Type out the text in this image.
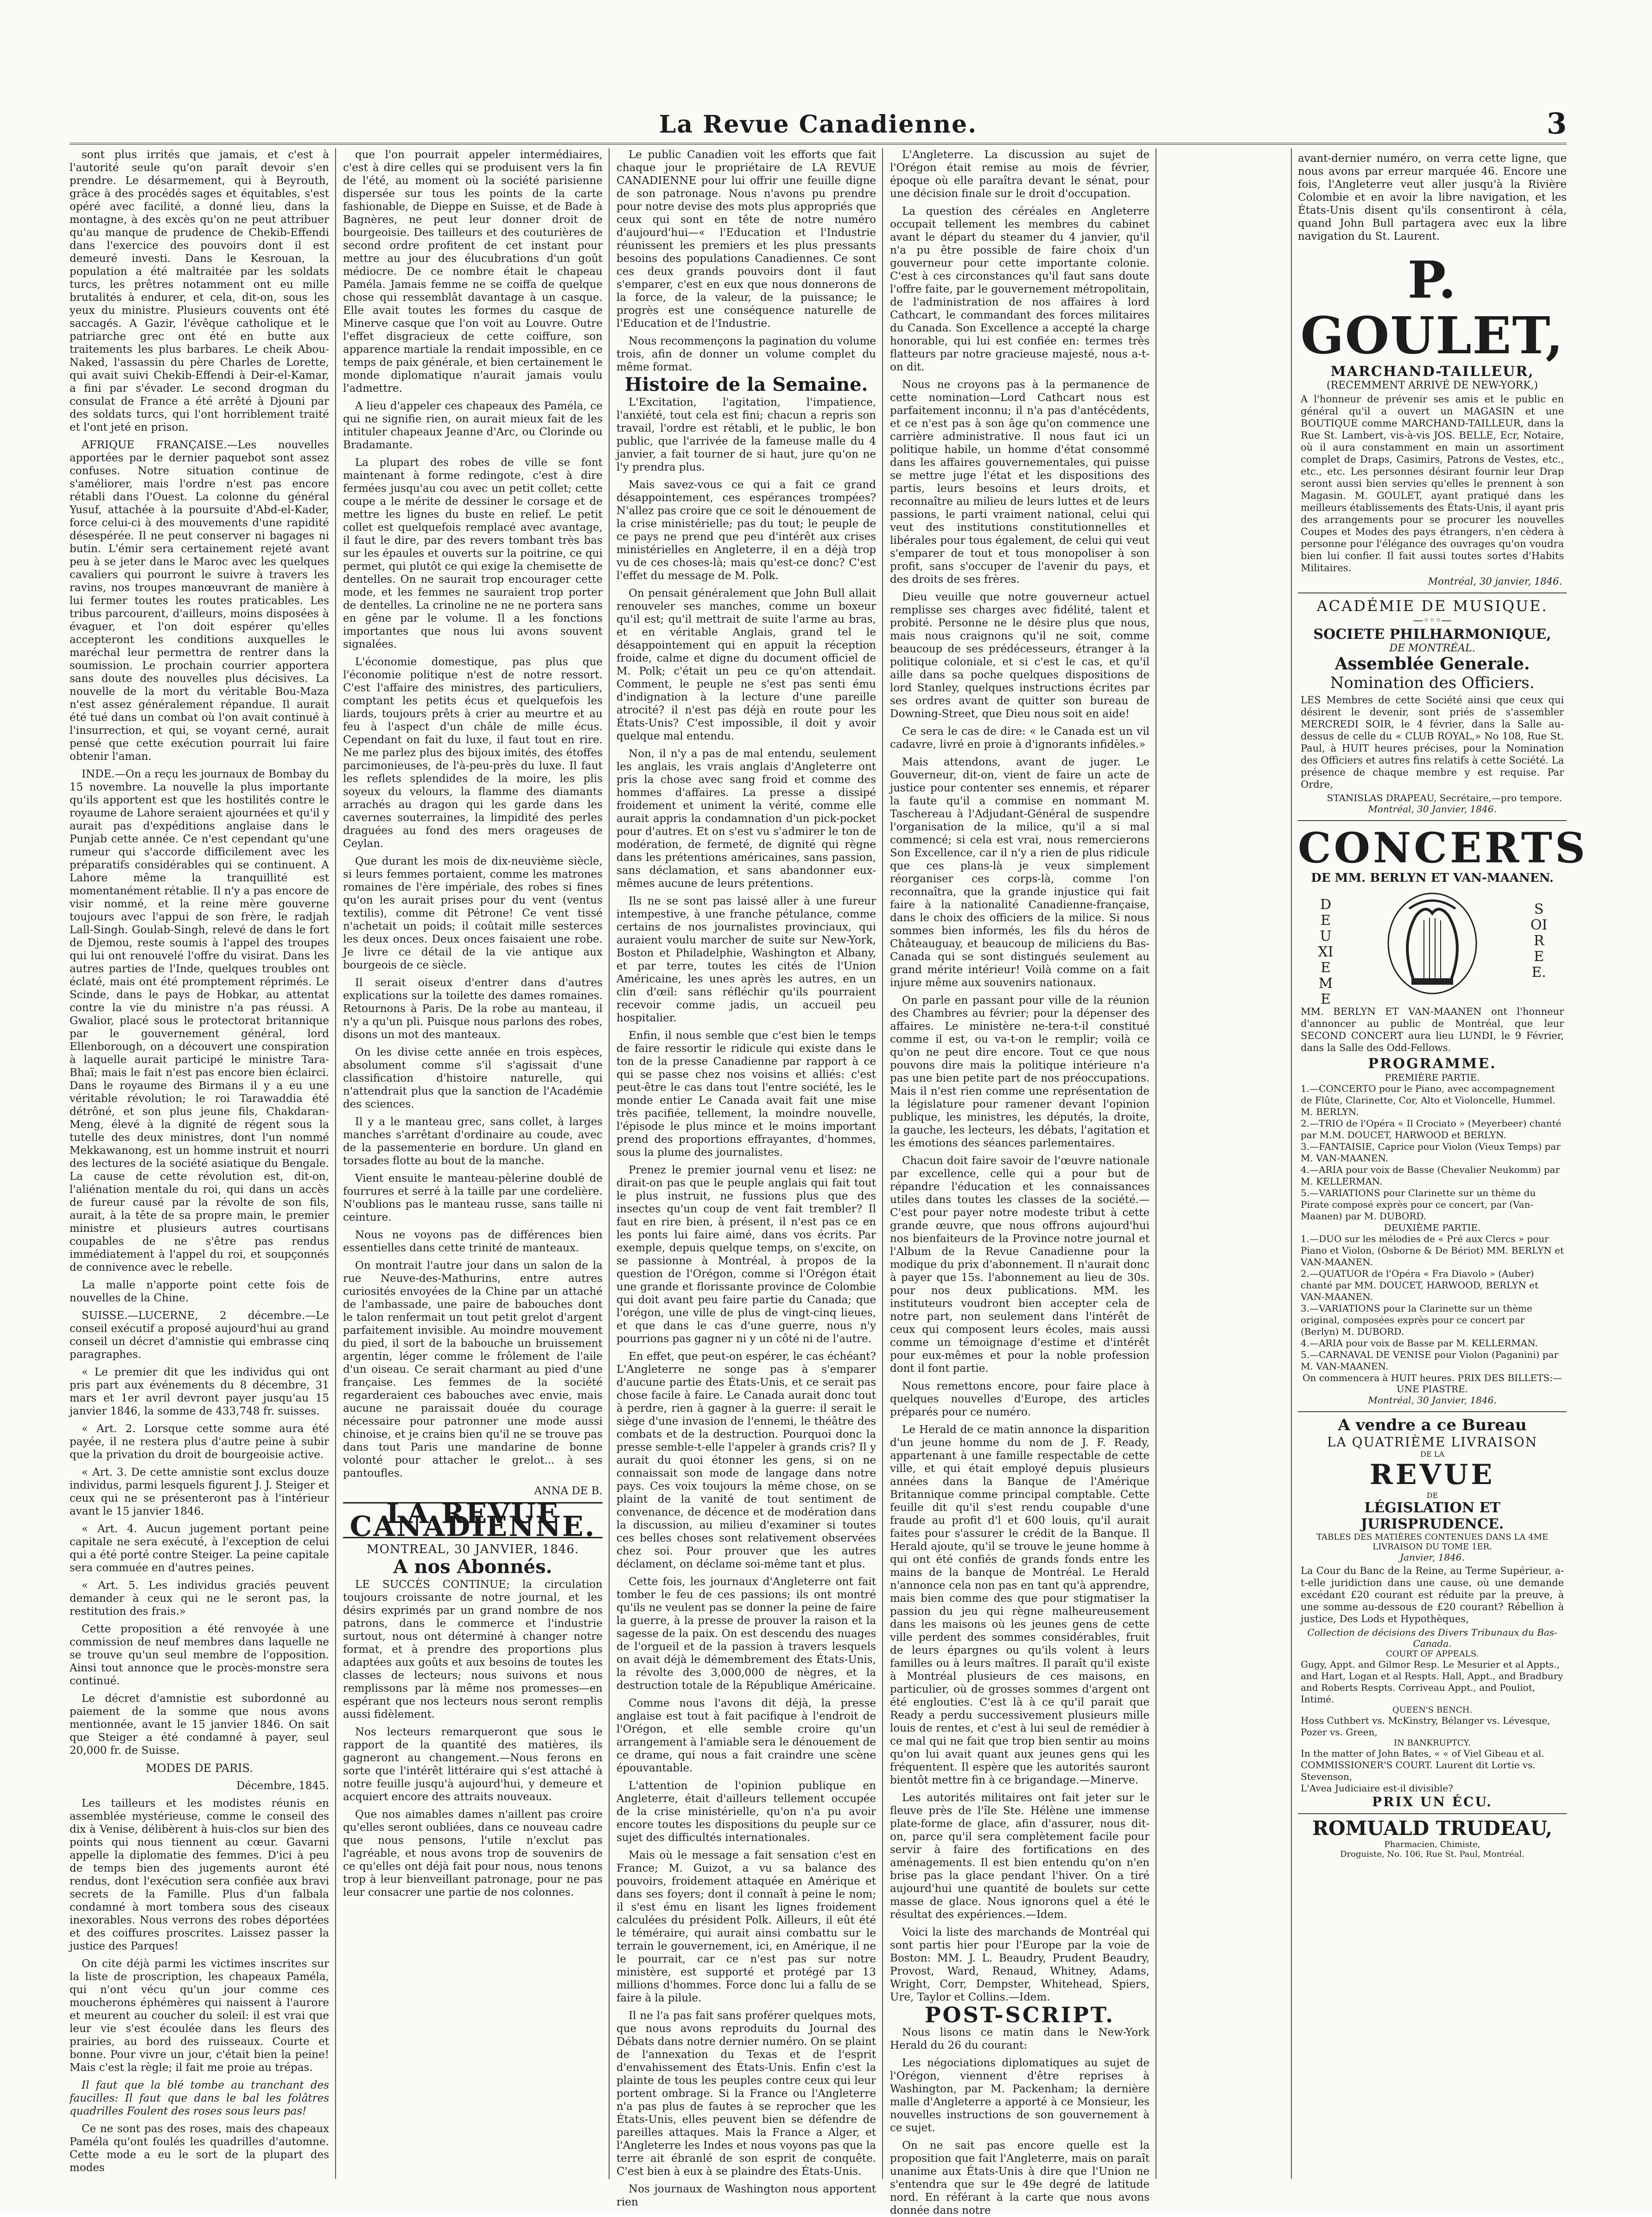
La Revue Canadienne.	3

sont plus irrités que jamais, et c'est à l'autorité seule qu'on paraît devoir s'en prendre. Le désarmement, qui à Beyrouth, grâce à des procédés sages et équitables, s'est opéré avec facilité, a donné lieu, dans la montagne, à des excès qu'on ne peut attribuer qu'au manque de prudence de Chekib-Effendi dans l'exercice des pouvoirs dont il est demeuré investi. Dans le Kesrouan, la population a été maltraitée par les soldats turcs, les prêtres notamment ont eu mille brutalités à endurer, et cela, dit-on, sous les yeux du ministre. Plusieurs couvents ont été saccagés. A Gazir, l'évêque catholique et le patriarche grec ont été en butte aux traitements les plus barbares. Le cheik Abou-Naked, l'assassin du père Charles de Lorette, qui avait suivi Chekib-Effendi à Deir-el-Kamar, a fini par s'évader. Le second drogman du consulat de France a été arrêté à Djouni par des soldats turcs, qui l'ont horriblement traité et l'ont jeté en prison.

AFRIQUE FRANÇAISE.—Les nouvelles apportées par le dernier paquebot sont assez confuses. Notre situation continue de s'améliorer, mais l'ordre n'est pas encore rétabli dans l'Ouest. La colonne du général Yusuf, attachée à la poursuite d'Abd-el-Kader, force celui-ci à des mouvements d'une rapidité désespérée. Il ne peut conserver ni bagages ni butin. L'émir sera certainement rejeté avant peu à se jeter dans le Maroc avec les quelques cavaliers qui pourront le suivre à travers les ravins, nos troupes manœuvrant de manière à lui fermer toutes les routes praticables. Les tribus parcourent, d'ailleurs, moins disposées à évaguer, et l'on doit espérer qu'elles accepteront les conditions auxquelles le maréchal leur permettra de rentrer dans la soumission. Le prochain courrier apportera sans doute des nouvelles plus décisives. La nouvelle de la mort du véritable Bou-Maza n'est assez généralement répandue. Il aurait été tué dans un combat où l'on avait continué à l'insurrection, et qui, se voyant cerné, aurait pensé que cette exécution pourrait lui faire obtenir l'aman.

INDE.—On a reçu les journaux de Bombay du 15 novembre. La nouvelle la plus importante qu'ils apportent est que les hostilités contre le royaume de Lahore seraient ajournées et qu'il y aurait pas d'expéditions anglaise dans le Punjab cette année. Ce n'est cependant qu'une rumeur qui s'accorde difficilement avec les préparatifs considérables qui se continuent. A Lahore même la tranquillité est momentanément rétablie. Il n'y a pas encore de visir nommé, et la reine mère gouverne toujours avec l'appui de son frère, le radjah Lall-Singh. Goulab-Singh, relevé de dans le fort de Djemou, reste soumis à l'appel des troupes qui lui ont renouvelé l'offre du visirat. Dans les autres parties de l'Inde, quelques troubles ont éclaté, mais ont été promptement réprimés. Le Scinde, dans le pays de Hobkar, au attentat contre la vie du ministre n'a pas réussi. A Gwalior, placé sous le protectorat britannique par le gouvernement général, lord Ellenborough, on a découvert une conspiration à laquelle aurait participé le ministre Tara-Bhaï; mais le fait n'est pas encore bien éclairci. Dans le royaume des Birmans il y a eu une véritable révolution; le roi Tarawaddia été détrôné, et son plus jeune fils, Chakdaran-Meng, élevé à la dignité de régent sous la tutelle des deux ministres, dont l'un nommé Mekkawanong, est un homme instruit et nourri des lectures de la société asiatique du Bengale. La cause de cette révolution est, dit-on, l'aliénation mentale du roi, qui dans un accès de fureur causé par la révolte de son fils, aurait, à la tête de sa propre main, le premier ministre et plusieurs autres courtisans coupables de ne s'être pas rendus immédiatement à l'appel du roi, et soupçonnés de connivence avec le rebelle.

La malle n'apporte point cette fois de nouvelles de la Chine.

SUISSE.—LUCERNE, 2 décembre.—Le conseil exécutif a proposé aujourd'hui au grand conseil un décret d'amnistie qui embrasse cinq paragraphes.

« Le premier dit que les individus qui ont pris part aux événements du 8 décembre, 31 mars et 1er avril devront payer jusqu'au 15 janvier 1846, la somme de 433,748 fr. suisses.

« Art. 2. Lorsque cette somme aura été payée, il ne restera plus d'autre peine à subir que la privation du droit de bourgeoisie active.

« Art. 3. De cette amnistie sont exclus douze individus, parmi lesquels figurent J. J. Steiger et ceux qui ne se présenteront pas à l'intérieur avant le 15 janvier 1846.

« Art. 4. Aucun jugement portant peine capitale ne sera exécuté, à l'exception de celui qui a été porté contre Steiger. La peine capitale sera commuée en d'autres peines.

« Art. 5. Les individus graciés peuvent demander à ceux qui ne le seront pas, la restitution des frais.»

Cette proposition a été renvoyée à une commission de neuf membres dans laquelle ne se trouve qu'un seul membre de l'opposition. Ainsi tout annonce que le procès-monstre sera continué.

Le décret d'amnistie est subordonné au paiement de la somme que nous avons mentionnée, avant le 15 janvier 1846. On sait que Steiger a été condamné à payer, seul 20,000 fr. de Suisse.

MODES DE PARIS.

Décembre, 1845.

Les tailleurs et les modistes réunis en assemblée mystérieuse, comme le conseil des dix à Venise, délibèrent à huis-clos sur bien des points qui nous tiennent au cœur. Gavarni appelle la diplomatie des femmes. D'ici à peu de temps bien des jugements auront été rendus, dont l'exécution sera confiée aux bravi secrets de la Famille. Plus d'un falbala condamné à mort tombera sous des ciseaux inexorables. Nous verrons des robes déportées et des coiffures proscrites. Laissez passer la justice des Parques!

On cite déjà parmi les victimes inscrites sur la liste de proscription, les chapeaux Paméla, qui n'ont vécu qu'un jour comme ces moucherons éphémères qui naissent à l'aurore et meurent au coucher du soleil: il est vrai que leur vie s'est écoulée dans les fleurs des prairies, au bord des ruisseaux. Courte et bonne. Pour vivre un jour, c'était bien la peine! Mais c'est la règle; il fait me proie au trépas.

Il faut que la blé tombe au tranchant des faucilles: Il faut que dans le bal les folâtres quadrilles Foulent des roses sous leurs pas!

Ce ne sont pas des roses, mais des chapeaux Paméla qu'ont foulés les quadrilles d'automne. Cette mode a eu le sort de la plupart des modes

que l'on pourrait appeler intermédiaires, c'est à dire celles qui se produisent vers la fin de l'été, au moment où la société parisienne dispersée sur tous les points de la carte fashionable, de Dieppe en Suisse, et de Bade à Bagnères, ne peut leur donner droit de bourgeoisie. Des tailleurs et des couturières de second ordre profitent de cet instant pour mettre au jour des élucubrations d'un goût médiocre. De ce nombre était le chapeau Paméla. Jamais femme ne se coiffa de quelque chose qui ressemblât davantage à un casque. Elle avait toutes les formes du casque de Minerve casque que l'on voit au Louvre. Outre l'effet disgracieux de cette coiffure, son apparence martiale la rendait impossible, en ce temps de paix générale, et bien certainement le monde diplomatique n'aurait jamais voulu l'admettre.

A lieu d'appeler ces chapeaux des Paméla, ce qui ne signifie rien, on aurait mieux fait de les intituler chapeaux Jeanne d'Arc, ou Clorinde ou Bradamante.

La plupart des robes de ville se font maintenant à forme redingote, c'est à dire fermées jusqu'au cou avec un petit collet; cette coupe a le mérite de dessiner le corsage et de mettre les lignes du buste en relief. Le petit collet est quelquefois remplacé avec avantage, il faut le dire, par des revers tombant très bas sur les épaules et ouverts sur la poitrine, ce qui permet, qui plutôt ce qui exige la chemisette de dentelles. On ne saurait trop encourager cette mode, et les femmes ne sauraient trop porter de dentelles. La crinoline ne ne ne portera sans en gêne par le volume. Il a les fonctions importantes que nous lui avons souvent signalées.

L'économie domestique, pas plus que l'économie politique n'est de notre ressort. C'est l'affaire des ministres, des particuliers, comptant les petits écus et quelquefois les liards, toujours prêts à crier au meurtre et au feu à l'aspect d'un châle de mille écus. Cependant on fait du luxe, il faut tout en rire. Ne me parlez plus des bijoux imités, des étoffes parcimonieuses, de l'à-peu-près du luxe. Il faut les reflets splendides de la moire, les plis soyeux du velours, la flamme des diamants arrachés au dragon qui les garde dans les cavernes souterraines, la limpidité des perles draguées au fond des mers orageuses de Ceylan.

Que durant les mois de dix-neuvième siècle, si leurs femmes portaient, comme les matrones romaines de l'ère impériale, des robes si fines qu'on les aurait prises pour du vent (ventus textilis), comme dit Pétrone! Ce vent tissé n'achetait un poids; il coûtait mille sesterces les deux onces. Deux onces faisaient une robe. Je livre ce détail de la vie antique aux bourgeois de ce siècle.

Il serait oiseux d'entrer dans d'autres explications sur la toilette des dames romaines. Retournons à Paris. De la robe au manteau, il n'y a qu'un pli. Puisque nous parlons des robes, disons un mot des manteaux.

On les divise cette année en trois espèces, absolument comme s'il s'agissait d'une classification d'histoire naturelle, qui n'attendrait plus que la sanction de l'Académie des sciences.

Il y a le manteau grec, sans collet, à larges manches s'arrêtant d'ordinaire au coude, avec de la passementerie en bordure. Un gland en torsades flotte au bout de la manche.

Vient ensuite le manteau-pèlerine doublé de fourrures et serré à la taille par une cordelière. N'oublions pas le manteau russe, sans taille ni ceinture.

Nous ne voyons pas de différences bien essentielles dans cette trinité de manteaux.

On montrait l'autre jour dans un salon de la rue Neuve-des-Mathurins, entre autres curiosités envoyées de la Chine par un attaché de l'ambassade, une paire de babouches dont le talon renfermait un tout petit grelot d'argent parfaitement invisible. Au moindre mouvement du pied, il sort de la babouche un bruissement argentin, léger comme le frôlement de l'aile d'un oiseau. Ce serait charmant au pied d'une française. Les femmes de la société regarderaient ces babouches avec envie, mais aucune ne paraissait douée du courage nécessaire pour patronner une mode aussi chinoise, et je crains bien qu'il ne se trouve pas dans tout Paris une mandarine de bonne volonté pour attacher le grelot... à ses pantoufles.

ANNA DE B.

LA REVUE CANADIENNE.

MONTREAL, 30 JANVIER, 1846.

A nos Abonnés.

LE SUCCÈS CONTINUE; la circulation toujours croissante de notre journal, et les désirs exprimés par un grand nombre de nos patrons, dans le commerce et l'industrie surtout, nous ont déterminé à changer notre format, et à prendre des proportions plus adaptées aux goûts et aux besoins de toutes les classes de lecteurs; nous suivons et nous remplissons par là même nos promesses—en espérant que nos lecteurs nous seront remplis aussi fidèlement.

Nos lecteurs remarqueront que sous le rapport de la quantité des matières, ils gagneront au changement.—Nous ferons en sorte que l'intérêt littéraire qui s'est attaché à notre feuille jusqu'à aujourd'hui, y demeure et acquiert encore des attraits nouveaux.

Que nos aimables dames n'aillent pas croire qu'elles seront oubliées, dans ce nouveau cadre que nous pensons, l'utile n'exclut pas l'agréable, et nous avons trop de souvenirs de ce qu'elles ont déjà fait pour nous, nous tenons trop à leur bienveillant patronage, pour ne pas leur consacrer une partie de nos colonnes.

Le public Canadien voit les efforts que fait chaque jour le propriétaire de LA REVUE CANADIENNE pour lui offrir une feuille digne de son patronage. Nous n'avons pu prendre pour notre devise des mots plus appropriés que ceux qui sont en tête de notre numéro d'aujourd'hui—« l'Education et l'Industrie réunissent les premiers et les plus pressants besoins des populations Canadiennes. Ce sont ces deux grands pouvoirs dont il faut s'emparer, c'est en eux que nous donnerons de la force, de la valeur, de la puissance; le progrès est une conséquence naturelle de l'Education et de l'Industrie.

Nous recommençons la pagination du volume trois, afin de donner un volume complet du même format.

Histoire de la Semaine.

L'Excitation, l'agitation, l'impatience, l'anxiété, tout cela est fini; chacun a repris son travail, l'ordre est rétabli, et le public, le bon public, que l'arrivée de la fameuse malle du 4 janvier, a fait tourner de si haut, jure qu'on ne l'y prendra plus.

Mais savez-vous ce qui a fait ce grand désappointement, ces espérances trompées? N'allez pas croire que ce soit le dénouement de la crise ministérielle; pas du tout; le peuple de ce pays ne prend que peu d'intérêt aux crises ministérielles en Angleterre, il en a déjà trop vu de ces choses-là; mais qu'est-ce donc? C'est l'effet du message de M. Polk.

On pensait généralement que John Bull allait renouveler ses manches, comme un boxeur qu'il est; qu'il mettrait de suite l'arme au bras, et en véritable Anglais, grand tel le désappointement qui en appuit la réception froide, calme et digne du document officiel de M. Polk; c'était un peu ce qu'on attendait. Comment, le peuple ne s'est pas senti ému d'indignation à la lecture d'une pareille atrocité? il n'est pas déjà en route pour les États-Unis? C'est impossible, il doit y avoir quelque mal entendu.

Non, il n'y a pas de mal entendu, seulement les anglais, les vrais anglais d'Angleterre ont pris la chose avec sang froid et comme des hommes d'affaires. La presse a dissipé froidement et uniment la vérité, comme elle aurait appris la condamnation d'un pick-pocket pour d'autres. Et on s'est vu s'admirer le ton de modération, de fermeté, de dignité qui règne dans les prétentions américaines, sans passion, sans déclamation, et sans abandonner eux-mêmes aucune de leurs prétentions.

Ils ne se sont pas laissé aller à une fureur intempestive, à une franche pétulance, comme certains de nos journalistes provinciaux, qui auraient voulu marcher de suite sur New-York, Boston et Philadelphie, Washington et Albany, et par terre, toutes les cités de l'Union Américaine, les unes après les autres, en un clin d'œil: sans réfléchir qu'ils pourraient recevoir comme jadis, un accueil peu hospitalier.

Enfin, il nous semble que c'est bien le temps de faire ressortir le ridicule qui existe dans le ton de la presse Canadienne par rapport à ce qui se passe chez nos voisins et alliés: c'est peut-être le cas dans tout l'entre société, les le monde entier Le Canada avait fait une mise très pacifiée, tellement, la moindre nouvelle, l'épisode le plus mince et le moins important prend des proportions effrayantes, d'hommes, sous la plume des journalistes.

Prenez le premier journal venu et lisez: ne dirait-on pas que le peuple anglais qui fait tout le plus instruit, ne fussions plus que des insectes qu'un coup de vent fait trembler? Il faut en rire bien, à présent, il n'est pas ce en les ponts lui faire aimé, dans vos écrits. Par exemple, depuis quelque temps, on s'excite, on se passionne à Montréal, à propos de la question de l'Orégon, comme si l'Orégon était une grande et florissante province de Colombie qui doit avant peu faire partie du Canada; que l'orégon, une ville de plus de vingt-cinq lieues, et que dans le cas d'une guerre, nous n'y pourrions pas gagner ni y un côté ni de l'autre.

En effet, que peut-on espérer, le cas échéant? L'Angleterre ne songe pas à s'emparer d'aucune partie des États-Unis, et ce serait pas chose facile à faire. Le Canada aurait donc tout à perdre, rien à gagner à la guerre: il serait le siège d'une invasion de l'ennemi, le théâtre des combats et de la destruction. Pourquoi donc la presse semble-t-elle l'appeler à grands cris? Il y aurait du quoi étonner les gens, si on ne connaissait son mode de langage dans notre pays. Ces voix toujours la même chose, on se plaint de la vanité de tout sentiment de convenance, de décence et de modération dans la discussion, au milieu d'examiner si toutes ces belles choses sont relativement observées chez soi. Pour prouver que les autres déclament, on déclame soi-même tant et plus.

Cette fois, les journaux d'Angleterre ont fait tomber le feu de ces passions; ils ont montré qu'ils ne veulent pas se donner la peine de faire la guerre, à la presse de prouver la raison et la sagesse de la paix. On est descendu des nuages de l'orgueil et de la passion à travers lesquels on avait déjà le démembrement des États-Unis, la révolte des 3,000,000 de nègres, et la destruction totale de la République Américaine.

Comme nous l'avons dit déjà, la presse anglaise est tout à fait pacifique à l'endroit de l'Orégon, et elle semble croire qu'un arrangement à l'amiable sera le dénouement de ce drame, qui nous a fait craindre une scène épouvantable.

L'attention de l'opinion publique en Angleterre, était d'ailleurs tellement occupée de la crise ministérielle, qu'on n'a pu avoir encore toutes les dispositions du peuple sur ce sujet des difficultés internationales.

Mais où le message a fait sensation c'est en France; M. Guizot, a vu sa balance des pouvoirs, froidement attaquée en Amérique et dans ses foyers; dont il connaît à peine le nom; il s'est ému en lisant les lignes froidement calculées du président Polk. Ailleurs, il eût été le téméraire, qui aurait ainsi combattu sur le terrain le gouvernement, ici, en Amérique, il ne le pourrait, car ce n'est pas sur notre ministère, est supporté et protégé par 13 millions d'hommes. Force donc lui a fallu de se faire à la pilule.

Il ne l'a pas fait sans proférer quelques mots, que nous avons reproduits du Journal des Débats dans notre dernier numéro. On se plaint de l'annexation du Texas et de l'esprit d'envahissement des États-Unis. Enfin c'est la plainte de tous les peuples contre ceux qui leur portent ombrage. Si la France ou l'Angleterre n'a pas plus de fautes à se reprocher que les États-Unis, elles peuvent bien se défendre de pareilles attaques. Mais la France a Alger, et l'Angleterre les Indes et nous voyons pas que la terre ait ébranlé de son esprit de conquête. C'est bien à eux à se plaindre des États-Unis.

Nos journaux de Washington nous apportent rien

L'Angleterre. La discussion au sujet de l'Orégon était remise au mois de février, époque où elle paraîtra devant le sénat, pour une décision finale sur le droit d'occupation.

La question des céréales en Angleterre occupait tellement les membres du cabinet avant le départ du steamer du 4 janvier, qu'il n'a pu être possible de faire choix d'un gouverneur pour cette importante colonie. C'est à ces circonstances qu'il faut sans doute l'offre faite, par le gouvernement métropolitain, de l'administration de nos affaires à lord Cathcart, le commandant des forces militaires du Canada. Son Excellence a accepté la charge honorable, qui lui est confiée en: termes très flatteurs par notre gracieuse majesté, nous a-t-on dit.

Nous ne croyons pas à la permanence de cette nomination—Lord Cathcart nous est parfaitement inconnu; il n'a pas d'antécédents, et ce n'est pas à son âge qu'on commence une carrière administrative. Il nous faut ici un politique habile, un homme d'état consommé dans les affaires gouvernementales, qui puisse se mettre juge l'état et les dispositions des partis, leurs besoins et leurs droits, et reconnaître au milieu de leurs luttes et de leurs passions, le parti vraiment national, celui qui veut des institutions constitutionnelles et libérales pour tous également, de celui qui veut s'emparer de tout et tous monopoliser à son profit, sans s'occuper de l'avenir du pays, et des droits de ses frères.

Dieu veuille que notre gouverneur actuel remplisse ses charges avec fidélité, talent et probité. Personne ne le désire plus que nous, mais nous craignons qu'il ne soit, comme beaucoup de ses prédécesseurs, étranger à la politique coloniale, et si c'est le cas, et qu'il aille dans sa poche quelques dispositions de lord Stanley, quelques instructions écrites par ses ordres avant de quitter son bureau de Downing-Street, que Dieu nous soit en aide!

Ce sera le cas de dire: « le Canada est un vil cadavre, livré en proie à d'ignorants infidèles.»

Mais attendons, avant de juger. Le Gouverneur, dit-on, vient de faire un acte de justice pour contenter ses ennemis, et réparer la faute qu'il a commise en nommant M. Taschereau à l'Adjudant-Général de suspendre l'organisation de la milice, qu'il a si mal commencé; si cela est vrai, nous remercierons Son Excellence, car il n'y a rien de plus ridicule que ces plans-là je veux simplement réorganiser ces corps-là, comme l'on reconnaîtra, que la grande injustice qui fait faire à la nationalité Canadienne-française, dans le choix des officiers de la milice. Si nous sommes bien informés, les fils du héros de Châteauguay, et beaucoup de miliciens du Bas-Canada qui se sont distingués seulement au grand mérite intérieur! Voilà comme on a fait injure même aux souvenirs nationaux.

On parle en passant pour ville de la réunion des Chambres au février; pour la dépenser des affaires. Le ministère ne-tera-t-il constitué comme il est, ou va-t-on le remplir; voilà ce qu'on ne peut dire encore. Tout ce que nous pouvons dire mais la politique intérieure n'a pas une bien petite part de nos préoccupations. Mais il n'est rien comme une représentation de la législature pour ramener devant l'opinion publique, les ministres, les députés, la droite, la gauche, les lecteurs, les débats, l'agitation et les émotions des séances parlementaires.

Chacun doit faire savoir de l'œuvre nationale par excellence, celle qui a pour but de répandre l'éducation et les connaissances utiles dans toutes les classes de la société.—C'est pour payer notre modeste tribut à cette grande œuvre, que nous offrons aujourd'hui nos bienfaiteurs de la Province notre journal et l'Album de la Revue Canadienne pour la modique du prix d'abonnement. Il n'aurait donc à payer que 15s. l'abonnement au lieu de 30s. pour nos deux publications. MM. les instituteurs voudront bien accepter cela de notre part, non seulement dans l'intérêt de ceux qui composent leurs écoles, mais aussi comme un témoignage d'estime et d'intérêt pour eux-mêmes et pour la noble profession dont il font partie.

Nous remettons encore, pour faire place à quelques nouvelles d'Europe, des articles préparés pour ce numéro.

Le Herald de ce matin annonce la disparition d'un jeune homme du nom de J. F. Ready, appartenant à une famille respectable de cette ville, et qui était employé depuis plusieurs années dans la Banque de l'Amérique Britannique comme principal comptable. Cette feuille dit qu'il s'est rendu coupable d'une fraude au profit d'l et 600 louis, qu'il aurait faites pour s'assurer le crédit de la Banque. Il Herald ajoute, qu'il se trouve le jeune homme à qui ont été confiés de grands fonds entre les mains de la banque de Montréal. Le Herald n'annonce cela non pas en tant qu'à apprendre, mais bien comme des que pour stigmatiser la passion du jeu qui règne malheureusement dans les maisons où les jeunes gens de cette ville perdent des sommes considérables, fruit de leurs épargnes ou qu'ils volent à leurs familles ou à leurs maîtres. Il paraît qu'il existe à Montréal plusieurs de ces maisons, en particulier, où de grosses sommes d'argent ont été englouties. C'est là à ce qu'il parait que Ready a perdu successivement plusieurs mille louis de rentes, et c'est à lui seul de remédier à ce mal qui ne fait que trop bien sentir au moins qu'on lui avait quant aux jeunes gens qui les fréquentent. Il espère que les autorités sauront bientôt mettre fin à ce brigandage.—Minerve.

Les autorités militaires ont fait jeter sur le fleuve près de l'île Ste. Hélène une immense plate-forme de glace, afin d'assurer, nous dit-on, parce qu'il sera complètement facile pour servir à faire des fortifications en des aménagements. Il est bien entendu qu'on n'en brise pas la glace pendant l'hiver. On a tiré aujourd'hui une quantité de boulets sur cette masse de glace. Nous ignorons quel a été le résultat des expériences.—Idem.

Voici la liste des marchands de Montréal qui sont partis hier pour l'Europe par la voie de Boston: MM. J. L. Beaudry, Prudent Beaudry, Provost, Ward, Renaud, Whitney, Adams, Wright, Corr, Dempster, Whitehead, Spiers, Ure, Taylor et Collins.—Idem.

POST-SCRIPT.

Nous lisons ce matin dans le New-York Herald du 26 du courant:

Les négociations diplomatiques au sujet de l'Orégon, viennent d'être reprises à Washington, par M. Packenham; la dernière malle d'Angleterre a apporté à ce Monsieur, les nouvelles instructions de son gouvernement à ce sujet.

On ne sait pas encore quelle est la proposition que fait l'Angleterre, mais on paraît unanime aux États-Unis à dire que l'Union ne s'entendra que sur le 49e degré de latitude nord. En référant à la carte que nous avons donnée dans notre

avant-dernier numéro, on verra cette ligne, que nous avons par erreur marquée 46. Encore une fois, l'Angleterre veut aller jusqu'à la Rivière Colombie et en avoir la libre navigation, et les États-Unis disent qu'ils consentiront à céla, quand John Bull partagera avec eux la libre navigation du St. Laurent.
P. GOULET,
MARCHAND-TAILLEUR,
(RECEMMENT ARRIVÉ DE NEW-YORK,)
A l'honneur de prévenir ses amis et le public en général qu'il a ouvert un MAGASIN et une BOUTIQUE comme MARCHAND-TAILLEUR, dans la Rue St. Lambert, vis-à-vis JOS. BELLE, Ecr, Notaire, où il aura constamment en main un assortiment complet de Draps, Casimirs, Patrons de Vestes, etc., etc., etc. Les personnes désirant fournir leur Drap seront aussi bien servies qu'elles le prennent à son Magasin. M. GOULET, ayant pratiqué dans les meilleurs établissements des États-Unis, il ayant pris des arrangements pour se procurer les nouvelles Coupes et Modes des pays étrangers, n'en cèdera à personne pour l'élégance des ouvrages qu'on voudra bien lui confier. Il fait aussi toutes sortes d'Habits Militaires.
Montréal, 30 janvier, 1846.
ACADÉMIE DE MUSIQUE.
—◦◦◦—
SOCIETE PHILHARMONIQUE,
DE MONTRÉAL.
Assemblée Generale.
Nomination des Officiers.
LES Membres de cette Société ainsi que ceux qui désirent le devenir, sont priés de s'assembler MERCREDI SOIR, le 4 février, dans la Salle au-dessus de celle du « CLUB ROYAL,» No 108, Rue St. Paul, à HUIT heures précises, pour la Nomination des Officiers et autres fins relatifs à cette Société. La présence de chaque membre y est requise. Par Ordre,
STANISLAS DRAPEAU, Secrétaire,—pro tempore.
Montréal, 30 Janvier, 1846.
CONCERTS
DE MM. BERLYN ET VAN-MAANEN.
DEUXIEME
SOIREE.
MM. BERLYN ET VAN-MAANEN ont l'honneur d'annoncer au public de Montréal, que leur SECOND CONCERT aura lieu LUNDI, le 9 Février, dans la Salle des Odd-Fellows.
PROGRAMME.
PREMIÈRE PARTIE.
1.—CONCERTO pour le Piano, avec accompagnement de Flûte, Clarinette, Cor, Alto et Violoncelle, Hummel. M. BERLYN.
2.—TRIO de l'Opéra « Il Crociato » (Meyerbeer) chanté par M.M. DOUCET, HARWOOD et BERLYN.
3.—FANTAISIE, Caprice pour Violon (Vieux Temps) par M. VAN-MAANEN.
4.—ARIA pour voix de Basse (Chevalier Neukomm) par M. KELLERMAN.
5.—VARIATIONS pour Clarinette sur un thème du Pirate composé exprès pour ce concert, par (Van-Maanen) par M. DUBORD.
DEUXIÈME PARTIE.
1.—DUO sur les mélodies de « Pré aux Clercs » pour Piano et Violon, (Osborne & De Bériot) MM. BERLYN et VAN-MAANEN.
2.—QUATUOR de l'Opéra « Fra Diavolo » (Auber) chanté par MM. DOUCET, HARWOOD, BERLYN et VAN-MAANEN.
3.—VARIATIONS pour la Clarinette sur un thème original, composées exprès pour ce concert par (Berlyn) M. DUBORD.
4.—ARIA pour voix de Basse par M. KELLERMAN.
5.—CARNAVAL DE VENISE pour Violon (Paganini) par M. VAN-MAANEN.
On commencera à HUIT heures. PRIX DES BILLETS:—UNE PIASTRE.
Montréal, 30 Janvier, 1846.
A vendre a ce Bureau
LA QUATRIÈME LIVRAISON
DE LA
REVUE
DE
LÉGISLATION ET JURISPRUDENCE.
TABLES DES MATIÈRES CONTENUES DANS LA 4ME LIVRAISON DU TOME 1ER.
Janvier, 1846.
La Cour du Banc de la Reine, au Terme Supérieur, a-t-elle juridiction dans une cause, où une demande excédant £20 courant est réduite par la preuve, à une somme au-dessous de £20 courant? Rébellion à justice, Des Lods et Hypothèques,
Collection de décisions des Divers Tribunaux du Bas-Canada.
COURT OF APPEALS.
Gugy, Appt. and Gilmor Resp. Le Mesurier et al Appts., and Hart, Logan et al Respts. Hall, Appt., and Bradbury and Roberts Respts. Corriveau Appt., and Pouliot, Intimé.
QUEEN'S BENCH.
Hoss Cuthbert vs. McKinstry, Bélanger vs. Lévesque, Pozer vs. Green,
IN BANKRUPTCY.
In the matter of John Bates, « « of Viel Gibeau et al. COMMISSIONER'S COURT. Laurent dit Lortie vs. Stevenson,
L'Avea Judiciaire est-il divisible?
PRIX UN ÉCU.
ROMUALD TRUDEAU, Pharmacien, Chimiste,
Droguiste, No. 106, Rue St. Paul, Montréal.
